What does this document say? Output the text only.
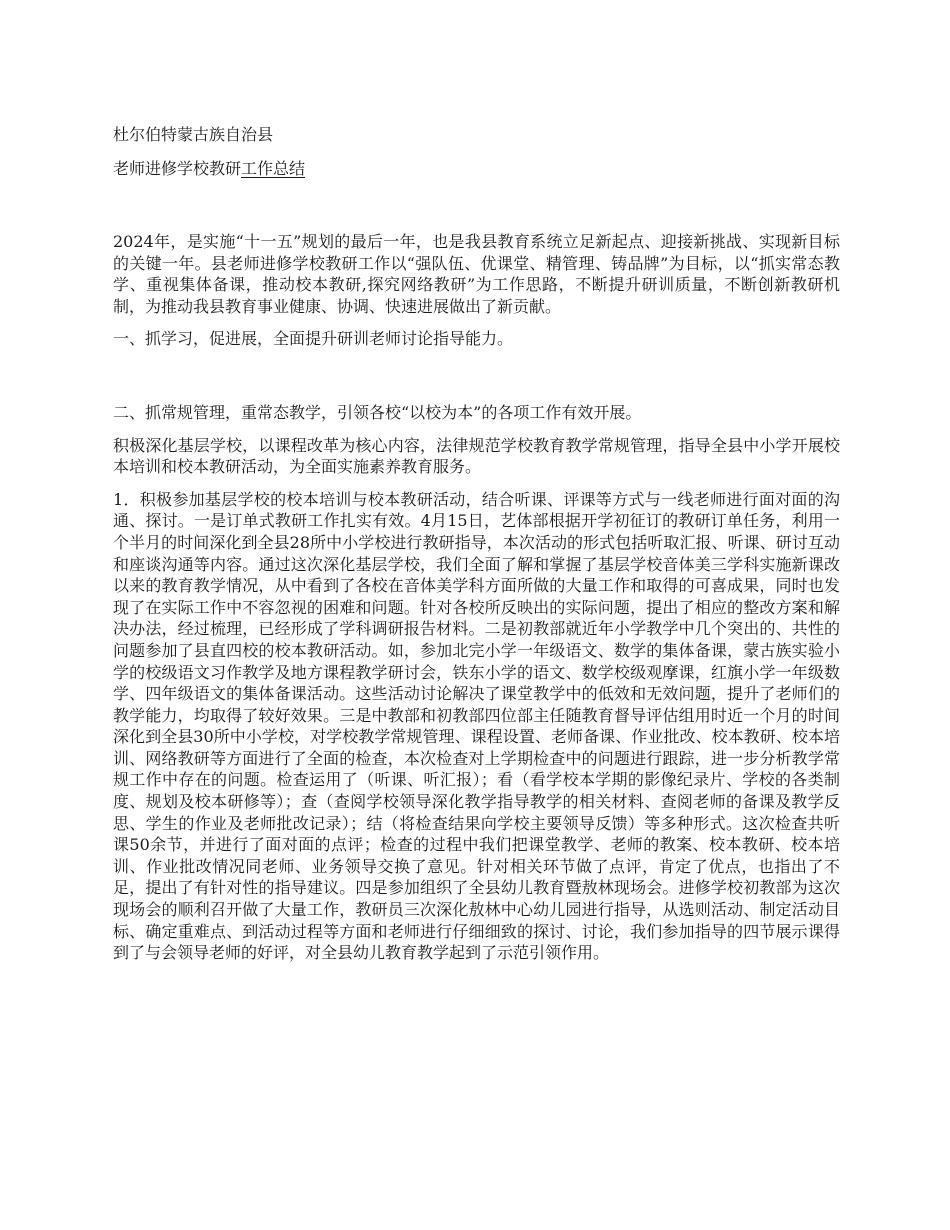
杜尔伯特蒙古族自治县
老师进修学校教研工作总结

2024年，是实施“十一五”规划的最后一年，也是我县教育系统立足新起点、迎接新挑战、实现新目标的关键一年。县老师进修学校教研工作以“强队伍、优课堂、精管理、铸品牌”为目标，以“抓实常态教学、重视集体备课，推动校本教研,探究网络教研”为工作思路，不断提升研训质量，不断创新教研机制，为推动我县教育事业健康、协调、快速进展做出了新贡献。

一、抓学习，促进展，全面提升研训老师讨论指导能力。

二、抓常规管理，重常态教学，引领各校“以校为本”的各项工作有效开展。

积极深化基层学校，以课程改革为核心内容，法律规范学校教育教学常规管理，指导全县中小学开展校本培训和校本教研活动，为全面实施素养教育服务。

1．积极参加基层学校的校本培训与校本教研活动，结合听课、评课等方式与一线老师进行面对面的沟通、探讨。一是订单式教研工作扎实有效。4月15日，艺体部根据开学初征订的教研订单任务，利用一个半月的时间深化到全县28所中小学校进行教研指导，本次活动的形式包括听取汇报、听课、研讨互动和座谈沟通等内容。通过这次深化基层学校，我们全面了解和掌握了基层学校音体美三学科实施新课改以来的教育教学情况，从中看到了各校在音体美学科方面所做的大量工作和取得的可喜成果，同时也发现了在实际工作中不容忽视的困难和问题。针对各校所反映出的实际问题，提出了相应的整改方案和解决办法，经过梳理，已经形成了学科调研报告材料。二是初教部就近年小学教学中几个突出的、共性的问题参加了县直四校的校本教研活动。如，参加北完小学一年级语文、数学的集体备课，蒙古族实验小学的校级语文习作教学及地方课程教学研讨会，铁东小学的语文、数学校级观摩课，红旗小学一年级数学、四年级语文的集体备课活动。这些活动讨论解决了课堂教学中的低效和无效问题，提升了老师们的教学能力，均取得了较好效果。三是中教部和初教部四位部主任随教育督导评估组用时近一个月的时间深化到全县30所中小学校，对学校教学常规管理、课程设置、老师备课、作业批改、校本教研、校本培训、网络教研等方面进行了全面的检查，本次检查对上学期检查中的问题进行跟踪，进一步分析教学常规工作中存在的问题。检查运用了（听课、听汇报）；看（看学校本学期的影像纪录片、学校的各类制度、规划及校本研修等）；查（查阅学校领导深化教学指导教学的相关材料、查阅老师的备课及教学反思、学生的作业及老师批改记录）；结（将检查结果向学校主要领导反馈）等多种形式。这次检查共听课50余节，并进行了面对面的点评；检查的过程中我们把课堂教学、老师的教案、校本教研、校本培训、作业批改情况同老师、业务领导交换了意见。针对相关环节做了点评，肯定了优点，也指出了不足，提出了有针对性的指导建议。四是参加组织了全县幼儿教育暨敖林现场会。进修学校初教部为这次现场会的顺利召开做了大量工作，教研员三次深化敖林中心幼儿园进行指导，从选则活动、制定活动目标、确定重难点、到活动过程等方面和老师进行仔细细致的探讨、讨论，我们参加指导的四节展示课得到了与会领导老师的好评，对全县幼儿教育教学起到了示范引领作用。
